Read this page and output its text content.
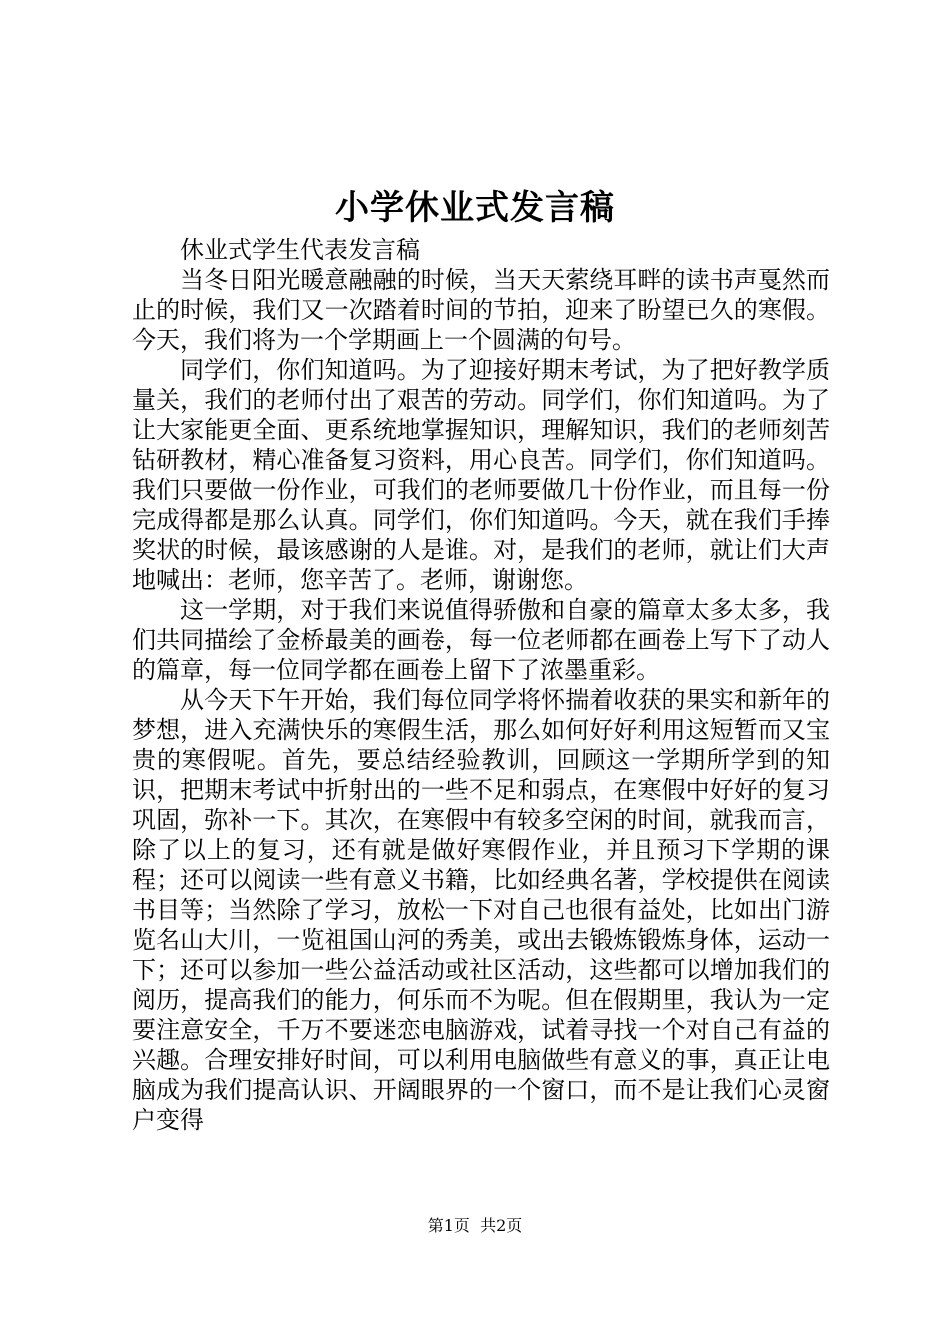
小学休业式发言稿

休业式学生代表发言稿

当冬日阳光暖意融融的时候，当天天萦绕耳畔的读书声戛然而止的时候，我们又一次踏着时间的节拍，迎来了盼望已久的寒假。今天，我们将为一个学期画上一个圆满的句号。

同学们，你们知道吗。为了迎接好期末考试，为了把好教学质量关，我们的老师付出了艰苦的劳动。同学们，你们知道吗。为了让大家能更全面、更系统地掌握知识，理解知识，我们的老师刻苦钻研教材，精心准备复习资料，用心良苦。同学们，你们知道吗。我们只要做一份作业，可我们的老师要做几十份作业，而且每一份完成得都是那么认真。同学们，你们知道吗。今天，就在我们手捧奖状的时候，最该感谢的人是谁。对，是我们的老师，就让们大声地喊出：老师，您辛苦了。老师，谢谢您。

这一学期，对于我们来说值得骄傲和自豪的篇章太多太多，我们共同描绘了金桥最美的画卷，每一位老师都在画卷上写下了动人的篇章，每一位同学都在画卷上留下了浓墨重彩。

从今天下午开始，我们每位同学将怀揣着收获的果实和新年的梦想，进入充满快乐的寒假生活，那么如何好好利用这短暂而又宝贵的寒假呢。首先，要总结经验教训，回顾这一学期所学到的知识，把期末考试中折射出的一些不足和弱点，在寒假中好好的复习巩固，弥补一下。其次，在寒假中有较多空闲的时间，就我而言，除了以上的复习，还有就是做好寒假作业，并且预习下学期的课程；还可以阅读一些有意义书籍，比如经典名著，学校提供在阅读书目等；当然除了学习，放松一下对自己也很有益处，比如出门游览名山大川，一览祖国山河的秀美，或出去锻炼锻炼身体，运动一下；还可以参加一些公益活动或社区活动，这些都可以增加我们的阅历，提高我们的能力，何乐而不为呢。但在假期里，我认为一定要注意安全，千万不要迷恋电脑游戏，试着寻找一个对自己有益的兴趣。合理安排好时间，可以利用电脑做些有意义的事，真正让电脑成为我们提高认识、开阔眼界的一个窗口，而不是让我们心灵窗户变得

第1页  共2页
